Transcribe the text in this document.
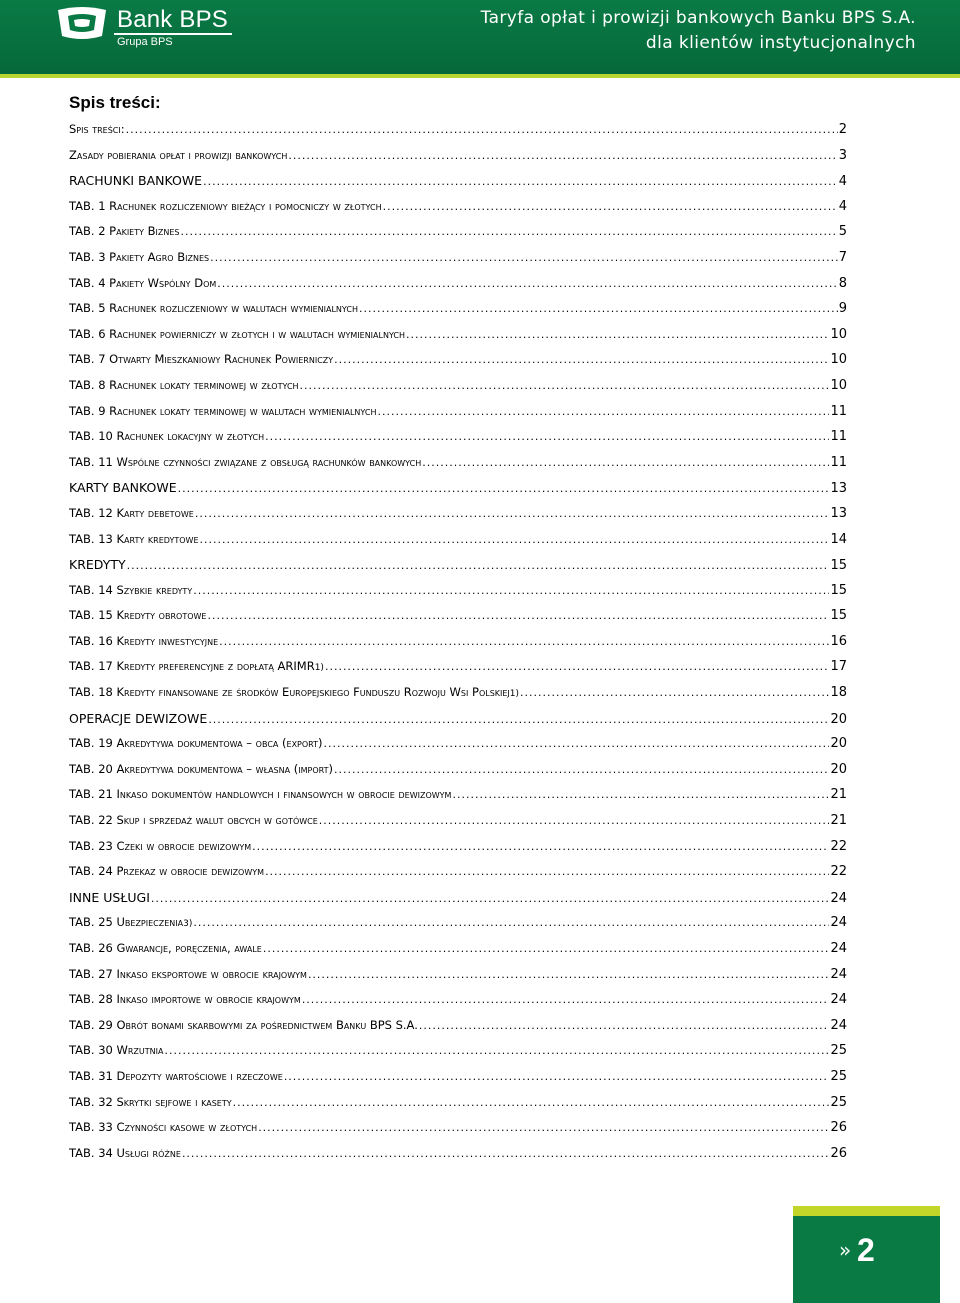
Bank BPS
Grupa BPS
Taryfa opłat i prowizji bankowych Banku BPS S.A.
dla klientów instytucjonalnych
Spis treści:
Spis treści: .....	2
Zasady pobierania opłat i prowizji bankowych .....	3
RACHUNKI BANKOWE .....	4
TAB. 1 Rachunek rozliczeniowy bieżący i pomocniczy w złotych .....	4
TAB. 2 Pakiety Biznes .....	5
TAB. 3 Pakiety Agro Biznes .....	7
TAB. 4 Pakiety Wspólny Dom .....	8
TAB. 5 Rachunek rozliczeniowy w walutach wymienialnych .....	9
TAB. 6 Rachunek powierniczy w złotych i w walutach wymienialnych .....	10
TAB. 7 Otwarty Mieszkaniowy Rachunek Powierniczy .....	10
TAB. 8 Rachunek lokaty terminowej w złotych .....	10
TAB. 9 Rachunek lokaty terminowej w walutach wymienialnych .....	11
TAB. 10 Rachunek lokacyjny w złotych .....	11
TAB. 11 Wspólne czynności związane z obsługą rachunków bankowych .....	11
KARTY BANKOWE .....	13
TAB. 12 Karty debetowe .....	13
TAB. 13 Karty kredytowe .....	14
KREDYTY .....	15
TAB. 14 Szybkie kredyty .....	15
TAB. 15 Kredyty obrotowe .....	15
TAB. 16 Kredyty inwestycyjne .....	16
TAB. 17 Kredyty preferencyjne z dopłatą ARIMR 1) .....	17
TAB. 18 Kredyty finansowane ze środków Europejskiego Funduszu Rozwoju Wsi Polskiej 1) .....	18
OPERACJE DEWIZOWE .....	20
TAB. 19 Akredytywa dokumentowa – obca (export) .....	20
TAB. 20 Akredytywa dokumentowa – własna (import) .....	20
TAB. 21 Inkaso dokumentów handlowych i finansowych w obrocie dewizowym .....	21
TAB. 22 Skup i sprzedaż walut obcych w gotówce .....	21
TAB. 23 Czeki w obrocie dewizowym .....	22
TAB. 24 Przekaz w obrocie dewizowym .....	22
INNE USŁUGI .....	24
TAB. 25 Ubezpieczenia 3) .....	24
TAB. 26 Gwarancje, poręczenia, awale .....	24
TAB. 27 Inkaso eksportowe w obrocie krajowym .....	24
TAB. 28 Inkaso importowe w obrocie krajowym .....	24
TAB. 29 Obrót bonami skarbowymi za pośrednictwem Banku BPS S.A. .....	24
TAB. 30 Wrzutnia .....	25
TAB. 31 Depozyty wartościowe i rzeczowe .....	25
TAB. 32 Skrytki sejfowe i kasety .....	25
TAB. 33 Czynności kasowe w złotych .....	26
TAB. 34 Usługi różne .....	26
» 2
